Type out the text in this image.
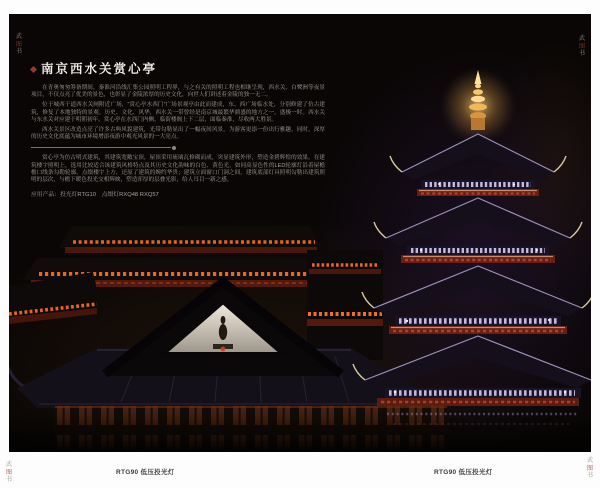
武
图
书
武
图
书
南京西水关赏心亭

在青奥匆匆筹备期间，秦淮河沿线汇集公园照明工程界，与之有关的照明工程也相继呈现，西水关、白鹭洲等夜景项目，不仅点亮了优美的景色，也彰显了金陵浓厚的历史文化，向世人们讲述着金陵的独一无二。

位于城西干道西水关闸附近广场，“赏心亭水西门”广场景观亭由此而建成，东、西广场临水处，分别修建了仿古建筑，修复了本地独特的景观。历史、文化、风华，西水关一带曾经是南京城最繁华鼎盛的地方之一，盛极一时。西水关与东水关对应建于明朝初年，赏心亭在水西门内侧，临街楼阁上下二层，面临秦淮，尽收两大胜景。

西水关景区改造点亮了许多古典风貌建筑，光带勾勒显出了一幅夜间风景，为游客更添一份出行雅趣，同时，深厚的历史文化底蕴为城市环境增添夜游中观光风景的一大亮点。

赏心亭为仿古明式建筑，其建筑宽敞宝顶，屋顶采用琉璃瓦修砌而成，突显建筑外形，塑造金碧辉煌的效果。在建筑楼宇照明上，选用比较适合该建筑风格特点及其历史文化韵味的白色、黄色光，如同高显色性的LED轮廓灯沿着屋檐檐口线条勾勒轮廓，点缀楼宇上方，还原了建筑的婉约华贵；建筑立面窗口门洞之间，建筑底部灯具照明勾勒出建筑照明的层次，与檐下暖色投光交相辉映，塑造浑厚的层叠光影，给人耳目一新之感。

应用产品：投光灯RTG10　点缀灯RXQ48 RXQ57

RTG90 低压投光灯	RTG90 低压投光灯
武
图
书
武
图
书
